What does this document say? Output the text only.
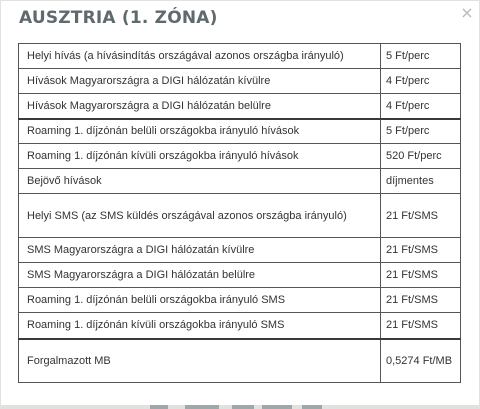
AUSZTRIA (1. ZÓNA)	×
Helyi hívás (a hívásindítás országával azonos országba irányuló)	5 Ft/perc
Hívások Magyarországra a DIGI hálózatán kívülre	4 Ft/perc
Hívások Magyarországra a DIGI hálózatán belülre	4 Ft/perc
Roaming 1. díjzónán belüli országokba irányuló hívások	5 Ft/perc
Roaming 1. díjzónán kívüli országokba irányuló hívások	520 Ft/perc
Bejövő hívások	díjmentes
Helyi SMS (az SMS küldés országával azonos országba irányuló)	21 Ft/SMS
SMS Magyarországra a DIGI hálózatán kívülre	21 Ft/SMS
SMS Magyarországra a DIGI hálózatán belülre	21 Ft/SMS
Roaming 1. díjzónán belüli országokba irányuló SMS	21 Ft/SMS
Roaming 1. díjzónán kívüli országokba irányuló SMS	21 Ft/SMS
Forgalmazott MB	0,5274 Ft/MB
